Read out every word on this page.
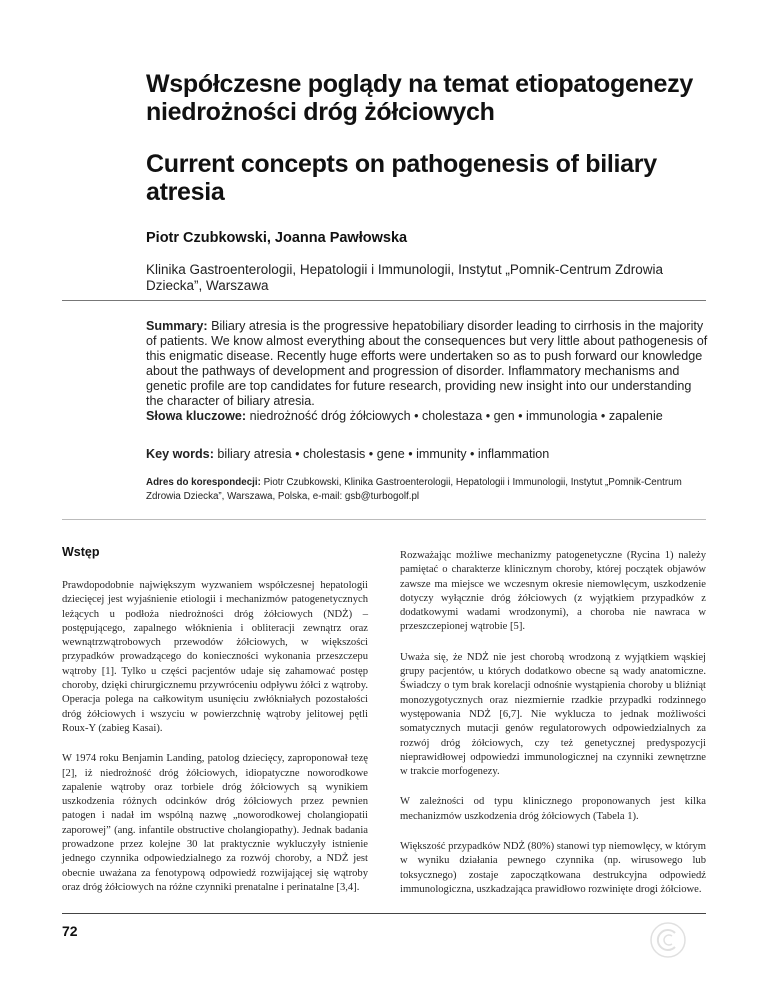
Współczesne poglądy na temat etiopatogenezy
niedrożności dróg żółciowych
Current concepts on pathogenesis of biliary
atresia
Piotr Czubkowski, Joanna Pawłowska
Klinika Gastroenterologii, Hepatologii i Immunologii, Instytut „Pomnik-Centrum Zdrowia Dziecka”, Warszawa
Summary: Biliary atresia is the progressive hepatobiliary disorder leading to cirrhosis in the majority of patients. We know almost everything about the consequences but very little about pathogenesis of this enigmatic disease. Recently huge efforts were undertaken so as to push forward our knowledge about the pathways of development and progression of disorder. Inflammatory mechanisms and genetic profile are top candidates for future research, providing new insight into our understanding the character of biliary atresia.
Słowa kluczowe: niedrożność dróg żółciowych • cholestaza • gen • immunologia • zapalenie
Key words: biliary atresia • cholestasis • gene • immunity • inflammation
Adres do korespondecji: Piotr Czubkowski, Klinika Gastroenterologii, Hepatologii i Immunologii, Instytut „Pomnik-Centrum Zdrowia Dziecka”, Warszawa, Polska, e-mail: gsb@turbogolf.pl
Wstęp

Prawdopodobnie największym wyzwaniem współczesnej hepatologii dziecięcej jest wyjaśnienie etiologii i mechanizmów patogenetycznych leżących u podłoża niedrożności dróg żółciowych (NDŻ) – postępującego, zapalnego włóknienia i obliteracji zewnątrz oraz wewnątrzwątrobowych przewodów żółciowych, w większości przypadków prowadzącego do konieczności wykonania przeszczepu wątroby [1]. Tylko u części pacjentów udaje się zahamować postęp choroby, dzięki chirurgicznemu przywróceniu odpływu żółci z wątroby. Operacja polega na całkowitym usunięciu zwłókniałych pozostałości dróg żółciowych i wszyciu w powierzchnię wątroby jelitowej pętli Roux-Y (zabieg Kasai).

W 1974 roku Benjamin Landing, patolog dziecięcy, zaproponował tezę [2], iż niedrożność dróg żółciowych, idiopatyczne noworodkowe zapalenie wątroby oraz torbiele dróg żółciowych są wynikiem uszkodzenia różnych odcinków dróg żółciowych przez pewnien patogen i nadał im wspólną nazwę „noworodkowej cholangiopatii zaporowej” (ang. infantile obstructive cholangiopathy). Jednak badania prowadzone przez kolejne 30 lat praktycznie wykluczyły istnienie jednego czynnika odpowiedzialnego za rozwój choroby, a NDŻ jest obecnie uważana za fenotypową odpowiedź rozwijającej się wątroby oraz dróg żółciowych na różne czynniki prenatalne i perinatalne [3,4].

Rozważając możliwe mechanizmy patogenetyczne (Rycina 1) należy pamiętać o charakterze klinicznym choroby, której początek objawów zawsze ma miejsce we wczesnym okresie niemowlęcym, uszkodzenie dotyczy wyłącznie dróg żółciowych (z wyjątkiem przypadków z dodatkowymi wadami wrodzonymi), a choroba nie nawraca w przeszczepionej wątrobie [5].

Uważa się, że NDŻ nie jest chorobą wrodzoną z wyjątkiem wąskiej grupy pacjentów, u których dodatkowo obecne są wady anatomiczne. Świadczy o tym brak korelacji odnośnie wystąpienia choroby u bliźniąt monozygotycznych oraz niezmiernie rzadkie przypadki rodzinnego występowania NDŻ [6,7]. Nie wyklucza to jednak możliwości somatycznych mutacji genów regulatorowych odpowiedzialnych za rozwój dróg żółciowych, czy też genetycznej predyspozycji nieprawidłowej odpowiedzi immunologicznej na czynniki zewnętrzne w trakcie morfogenezy.

W zależności od typu klinicznego proponowanych jest kilka mechanizmów uszkodzenia dróg żółciowych (Tabela 1).

Większość przypadków NDŻ (80%) stanowi typ niemowlęcy, w którym w wyniku działania pewnego czynnika (np. wirusowego lub toksycznego) zostaje zapoczątkowana destrukcyjna odpowiedź immunologiczna, uszkadzająca prawidłowo rozwinięte drogi żółciowe.

72
